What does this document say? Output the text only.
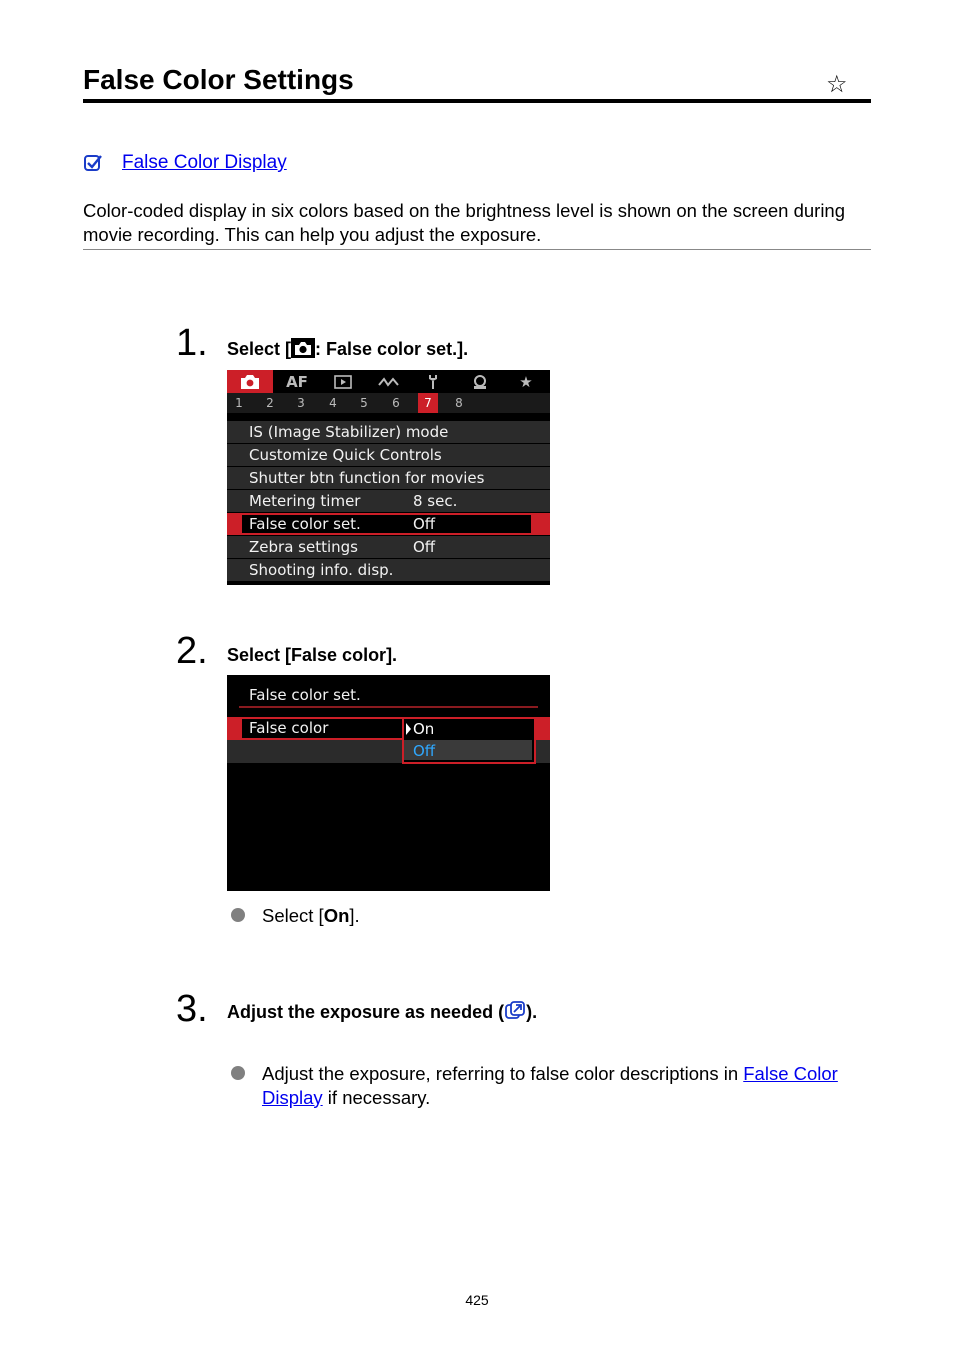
False Color Settings	☆
False Color Display
Color-coded display in six colors based on the brightness level is shown on the screen during movie recording. This can help you adjust the exposure.
1. Select [ : False color set.].
AF	★
1 2 3 4 5 6	7	8
IS (Image Stabilizer) mode
Customize Quick Controls
Shutter btn function for movies
Metering timer	8 sec.
False color set.	Off
Zebra settings	Off
Shooting info. disp.
2. Select [False color].
False color set.
False color	On
Off
Select [On].
3. Adjust the exposure as needed ( ).
Adjust the exposure, referring to false color descriptions in False Color
Display if necessary.
425
